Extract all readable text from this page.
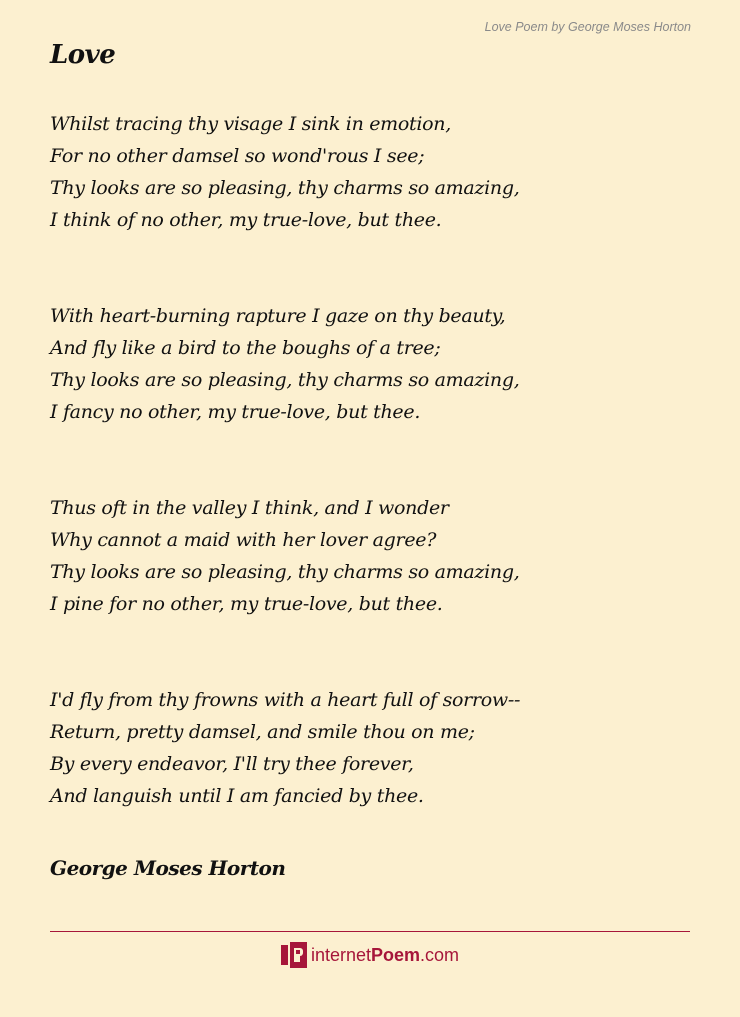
Love Poem by George Moses Horton
Love
Whilst tracing thy visage I sink in emotion,
For no other damsel so wond'rous I see;
Thy looks are so pleasing, thy charms so amazing,
I think of no other, my true-love, but thee.
With heart-burning rapture I gaze on thy beauty,
And fly like a bird to the boughs of a tree;
Thy looks are so pleasing, thy charms so amazing,
I fancy no other, my true-love, but thee.
Thus oft in the valley I think, and I wonder
Why cannot a maid with her lover agree?
Thy looks are so pleasing, thy charms so amazing,
I pine for no other, my true-love, but thee.
I'd fly from thy frowns with a heart full of sorrow--
Return, pretty damsel, and smile thou on me;
By every endeavor, I'll try thee forever,
And languish until I am fancied by thee.
George Moses Horton
internetPoem.com
